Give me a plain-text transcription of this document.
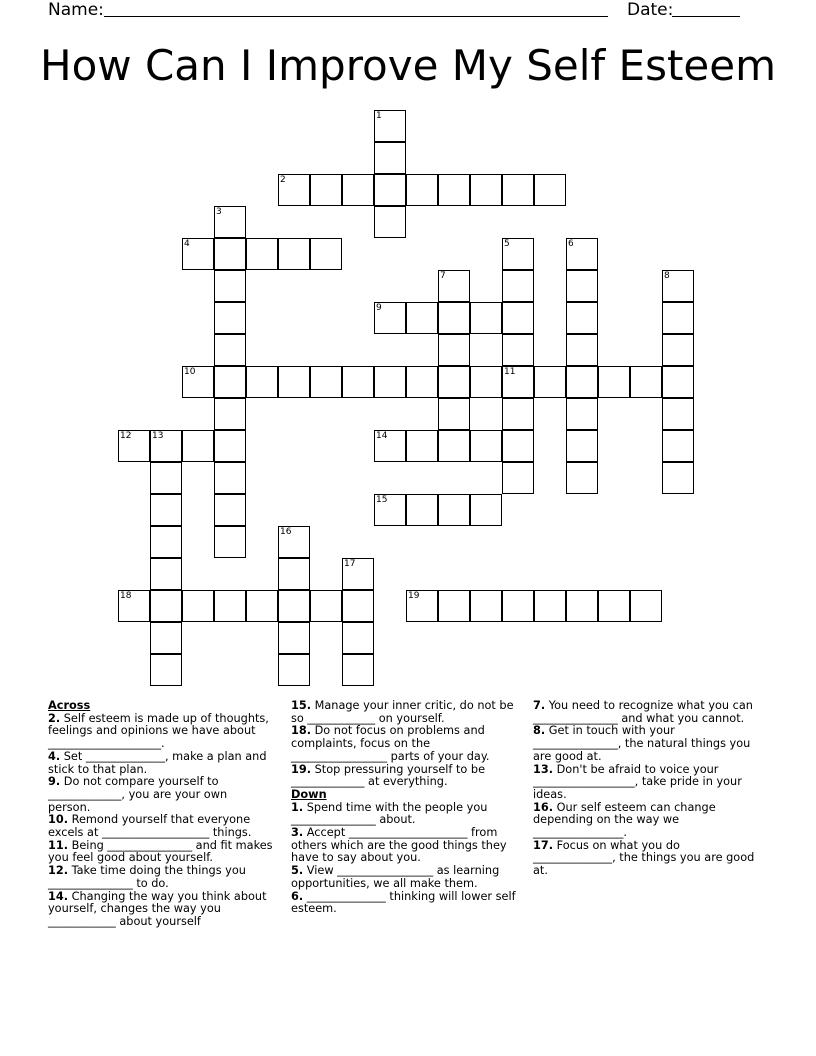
Name:	Date:
How Can I Improve My Self Esteem
1
2
3
4	5
11
6
7	8
9
10
12 13	14
15
16
17
18	19

Across

2. Self esteem is made up of thoughts, feelings and opinions we have about ____________________.

4. Set ______________, make a plan and stick to that plan.

9. Do not compare yourself to _____________, you are your own person.

10. Remond yourself that everyone excels at ___________________ things.

11. Being _______________ and fit makes you feel good about yourself.

12. Take time doing the things you _______________ to do.

14. Changing the way you think about yourself, changes the way you ____________ about yourself

15. Manage your inner critic, do not be so ____________ on yourself.

18. Do not focus on problems and complaints, focus on the _________________ parts of your day.

19. Stop pressuring yourself to be _____________ at everything.

Down

1. Spend time with the people you _______________ about.

3. Accept _____________________ from others which are the good things they have to say about you.

5. View _________________ as learning opportunities, we all make them.

6. ______________ thinking will lower self esteem.

7. You need to recognize what you can _______________ and what you cannot.

8. Get in touch with your _______________, the natural things you are good at.

13. Don't be afraid to voice your __________________, take pride in your ideas.

16. Our self esteem can change depending on the way we ________________.

17. Focus on what you do ______________, the things you are good at.
